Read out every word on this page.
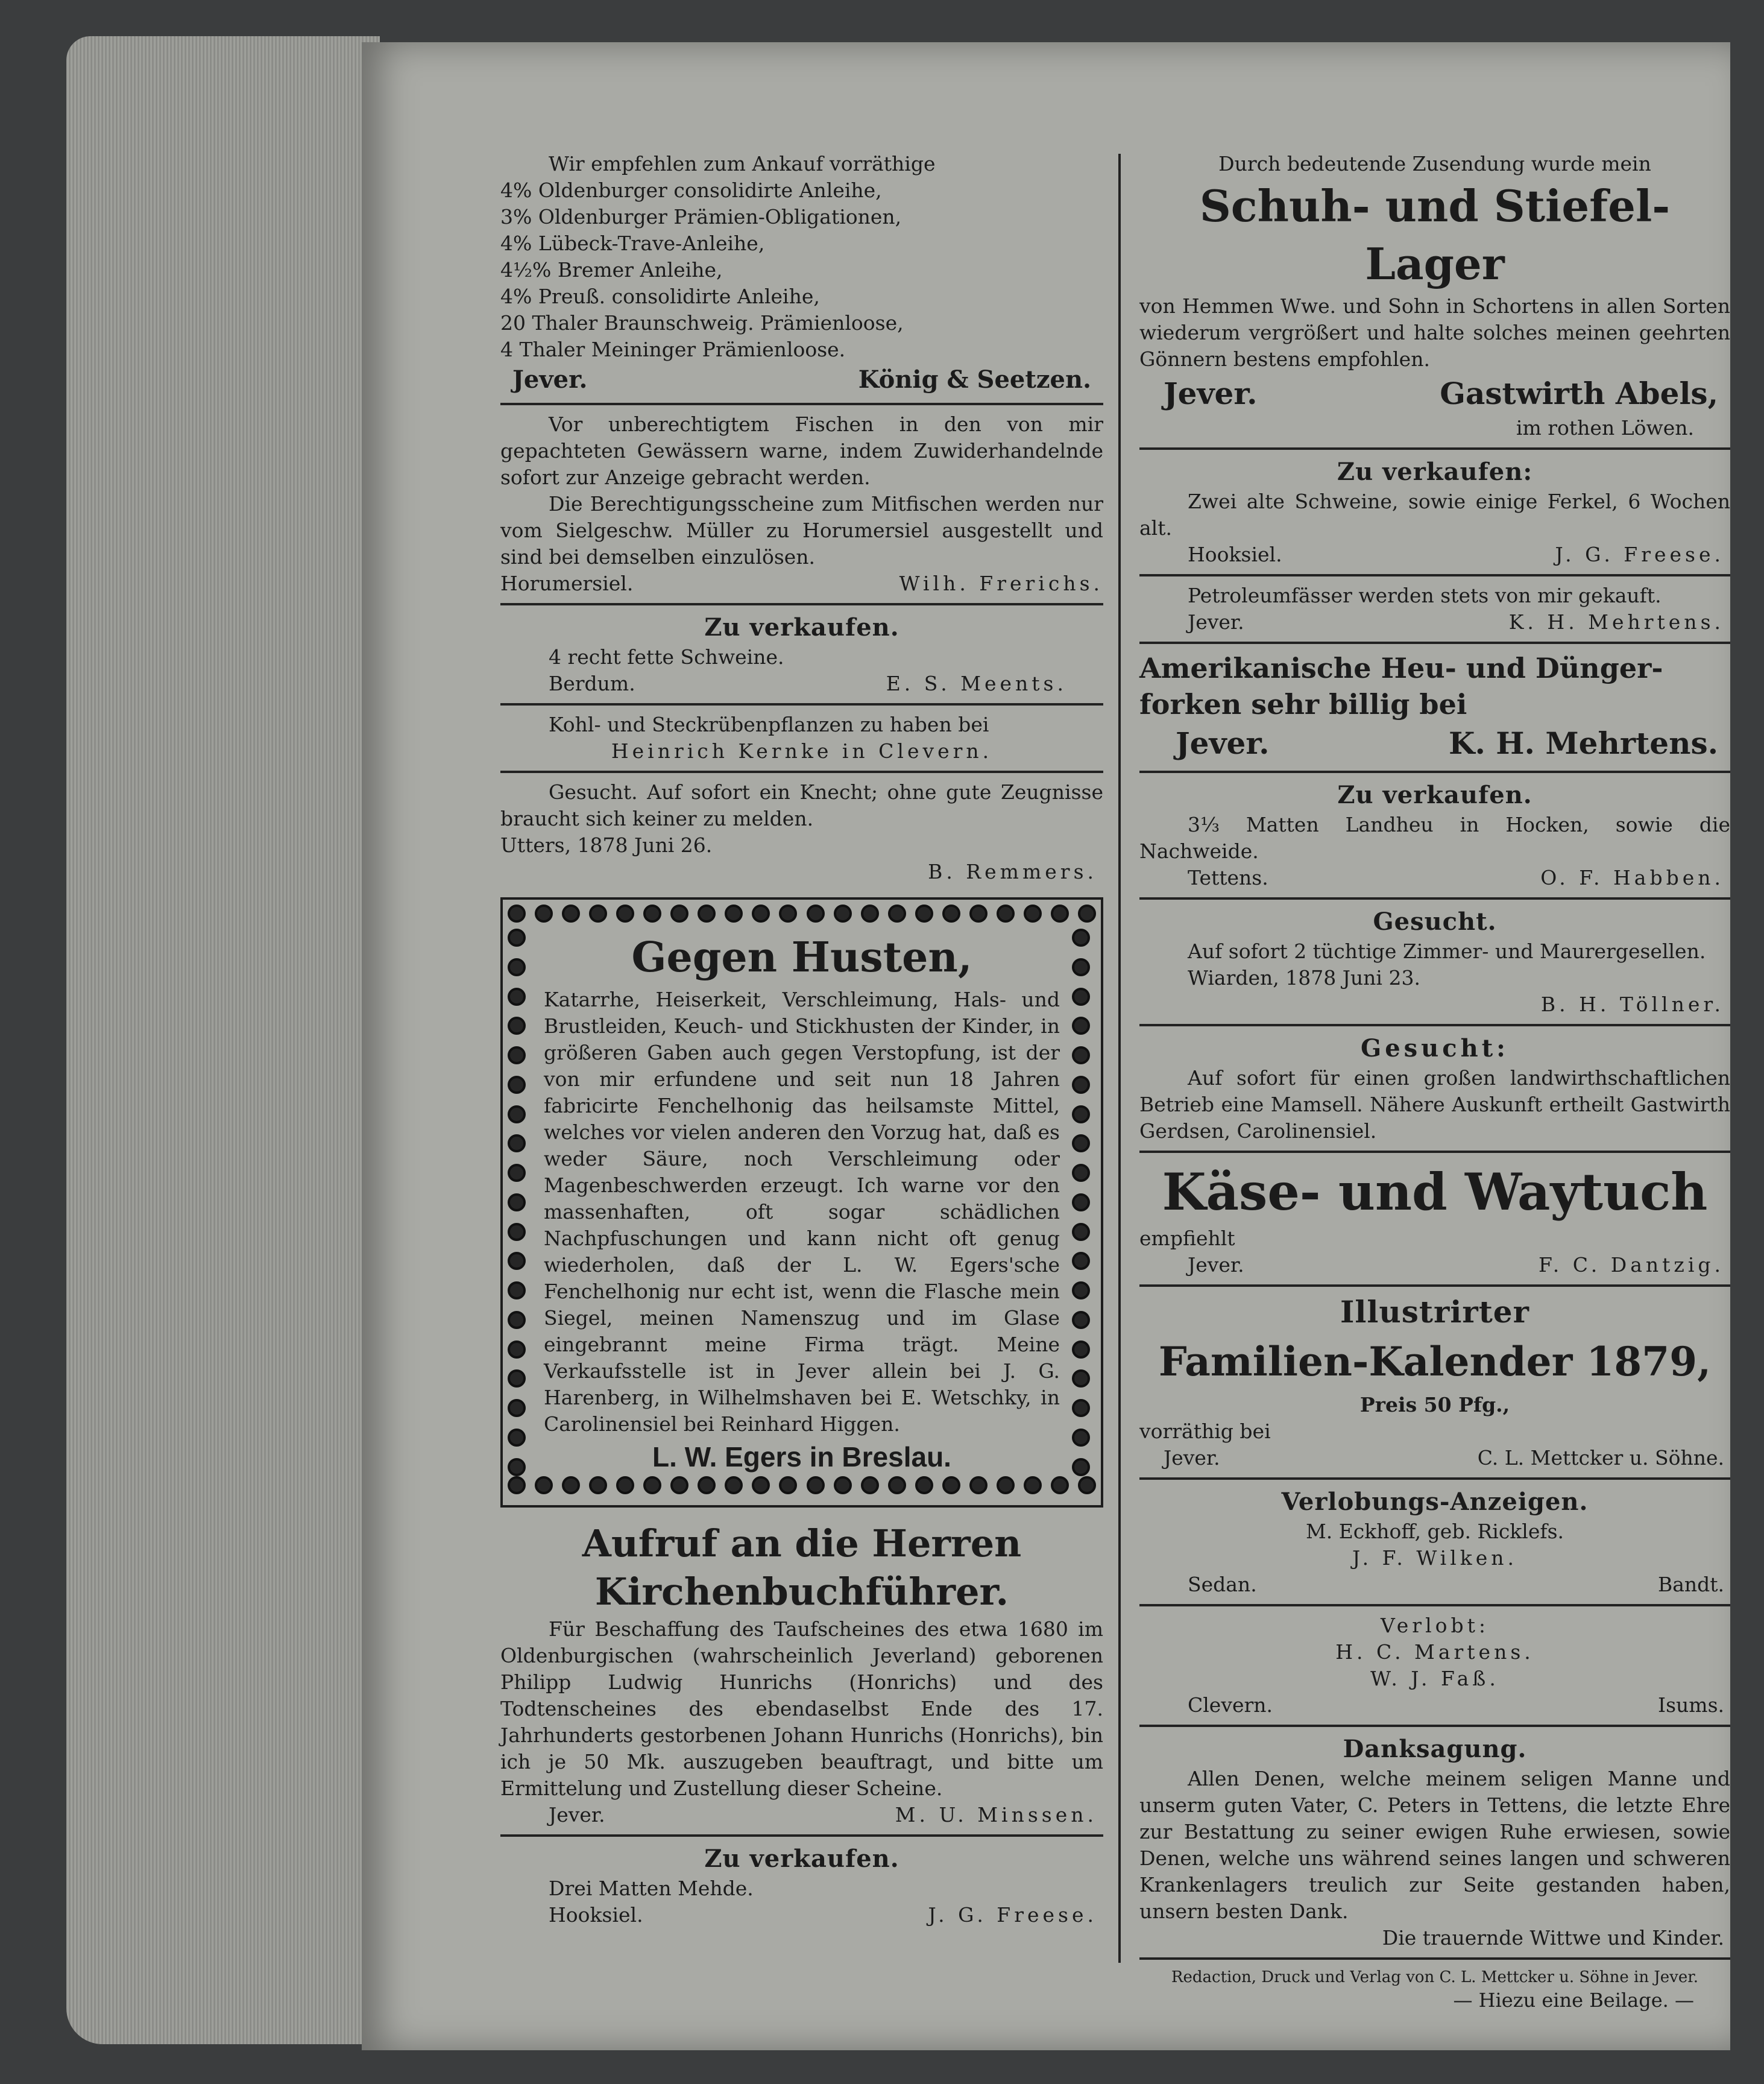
Wir empfehlen zum Ankauf vorräthige

4% Oldenburger consolidirte Anleihe,

3% Oldenburger Prämien-Obligationen,

4% Lübeck-Trave-Anleihe,

4½% Bremer Anleihe,

4% Preuß. consolidirte Anleihe,

20 Thaler Braunschweig. Prämienloose,

4 Thaler Meininger Prämienloose.

Jever.	König & Seetzen.

Vor unberechtigtem Fischen in den von mir gepachteten Gewässern warne, indem Zuwiderhandelnde sofort zur Anzeige gebracht werden.

Die Berechtigungsscheine zum Mitfischen werden nur vom Sielgeschw. Müller zu Horumersiel ausgestellt und sind bei demselben einzulösen.

Horumersiel.	Wilh. Frerichs.

Zu verkaufen.

4 recht fette Schweine.

Berdum.	E. S. Meents.

Kohl- und Steckrübenpflanzen zu haben bei

Heinrich Kernke in Clevern.

Gesucht. Auf sofort ein Knecht; ohne gute Zeugnisse braucht sich keiner zu melden.

Utters, 1878 Juni 26.

B. Remmers.

Gegen Husten,

Katarrhe, Heiserkeit, Verschleimung, Hals- und Brustleiden, Keuch- und Stickhusten der Kinder, in größeren Gaben auch gegen Verstopfung, ist der von mir erfundene und seit nun 18 Jahren fabricirte Fenchelhonig das heilsamste Mittel, welches vor vielen anderen den Vorzug hat, daß es weder Säure, noch Verschleimung oder Magenbeschwerden erzeugt. Ich warne vor den massenhaften, oft sogar schädlichen Nachpfuschungen und kann nicht oft genug wiederholen, daß der L. W. Egers'sche Fenchelhonig nur echt ist, wenn die Flasche mein Siegel, meinen Namenszug und im Glase eingebrannt meine Firma trägt. Meine Verkaufsstelle ist in Jever allein bei J. G. Harenberg, in Wilhelmshaven bei E. Wetschky, in Carolinensiel bei Reinhard Higgen.

L. W. Egers in Breslau.

Aufruf an die Herren

Kirchenbuchführer.

Für Beschaffung des Taufscheines des etwa 1680 im Oldenburgischen (wahrscheinlich Jeverland) geborenen Philipp Ludwig Hunrichs (Honrichs) und des Todtenscheines des ebendaselbst Ende des 17. Jahrhunderts gestorbenen Johann Hunrichs (Honrichs), bin ich je 50 Mk. auszugeben beauftragt, und bitte um Ermittelung und Zustellung dieser Scheine.

Jever.	M. U. Minssen.

Zu verkaufen.

Drei Matten Mehde.

Hooksiel.	J. G. Freese.

Durch bedeutende Zusendung wurde mein

Schuh- und Stiefel-Lager

von Hemmen Wwe. und Sohn in Schortens in allen Sorten wiederum vergrößert und halte solches meinen geehrten Gönnern bestens empfohlen.

Jever.	Gastwirth Abels,

im rothen Löwen.

Zu verkaufen:

Zwei alte Schweine, sowie einige Ferkel, 6 Wochen alt.

Hooksiel.	J. G. Freese.

Petroleumfässer werden stets von mir gekauft.

Jever.	K. H. Mehrtens.

Amerikanische Heu- und Dünger-

forken sehr billig bei

Jever.	K. H. Mehrtens.

Zu verkaufen.

3⅓ Matten Landheu in Hocken, sowie die Nachweide.

Tettens.	O. F. Habben.

Gesucht.

Auf sofort 2 tüchtige Zimmer- und Maurergesellen.

Wiarden, 1878 Juni 23.

B. H. Töllner.

Gesucht:

Auf sofort für einen großen landwirthschaftlichen Betrieb eine Mamsell. Nähere Auskunft ertheilt Gastwirth Gerdsen, Carolinensiel.

Käse- und Waytuch

empfiehlt

Jever.	F. C. Dantzig.

Illustrirter

Familien-Kalender 1879,

Preis 50 Pfg.,

vorräthig bei

Jever.	C. L. Mettcker u. Söhne.

Verlobungs-Anzeigen.

M. Eckhoff, geb. Ricklefs.

J. F. Wilken.

Sedan.	Bandt.

Verlobt:

H. C. Martens.

W. J. Faß.

Clevern.	Isums.

Danksagung.

Allen Denen, welche meinem seligen Manne und unserm guten Vater, C. Peters in Tettens, die letzte Ehre zur Bestattung zu seiner ewigen Ruhe erwiesen, sowie Denen, welche uns während seines langen und schweren Krankenlagers treulich zur Seite gestanden haben, unsern besten Dank.

Die trauernde Wittwe und Kinder.

Redaction, Druck und Verlag von C. L. Mettcker u. Söhne in Jever.

— Hiezu eine Beilage. —
